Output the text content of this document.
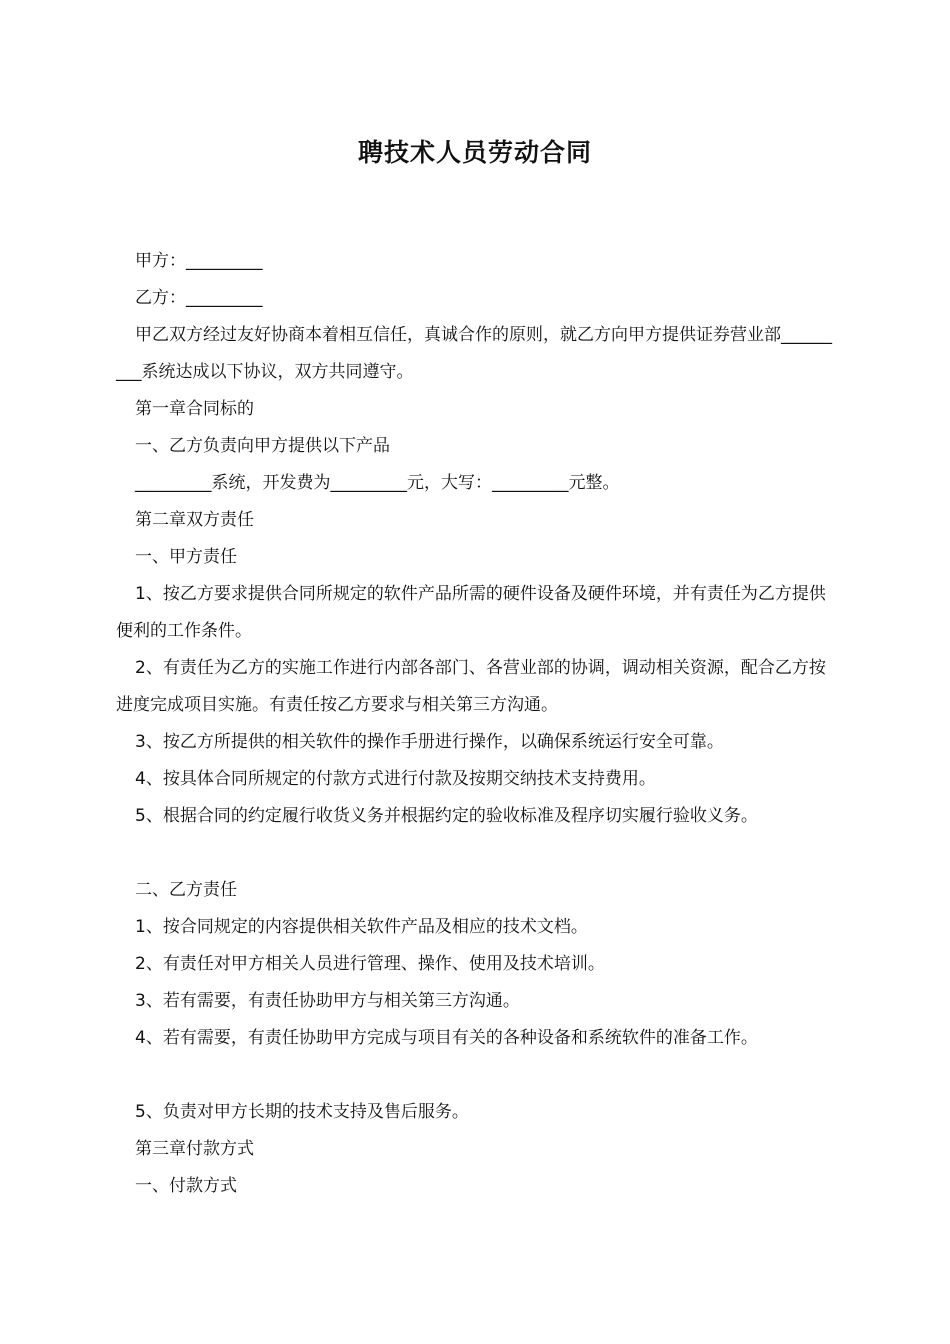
聘技术人员劳动合同

甲方：_________

乙方：_________

甲乙双方经过友好协商本着相互信任，真诚合作的原则，就乙方向甲方提供证券营业部_________系统达成以下协议，双方共同遵守。

第一章合同标的

一、乙方负责向甲方提供以下产品

_________系统，开发费为_________元，大写：_________元整。

第二章双方责任

一、甲方责任

1、按乙方要求提供合同所规定的软件产品所需的硬件设备及硬件环境，并有责任为乙方提供便利的工作条件。

2、有责任为乙方的实施工作进行内部各部门、各营业部的协调，调动相关资源，配合乙方按进度完成项目实施。有责任按乙方要求与相关第三方沟通。

3、按乙方所提供的相关软件的操作手册进行操作，以确保系统运行安全可靠。

4、按具体合同所规定的付款方式进行付款及按期交纳技术支持费用。

5、根据合同的约定履行收货义务并根据约定的验收标准及程序切实履行验收义务。

二、乙方责任

1、按合同规定的内容提供相关软件产品及相应的技术文档。

2、有责任对甲方相关人员进行管理、操作、使用及技术培训。

3、若有需要，有责任协助甲方与相关第三方沟通。

4、若有需要，有责任协助甲方完成与项目有关的各种设备和系统软件的准备工作。

5、负责对甲方长期的技术支持及售后服务。

第三章付款方式

一、付款方式
